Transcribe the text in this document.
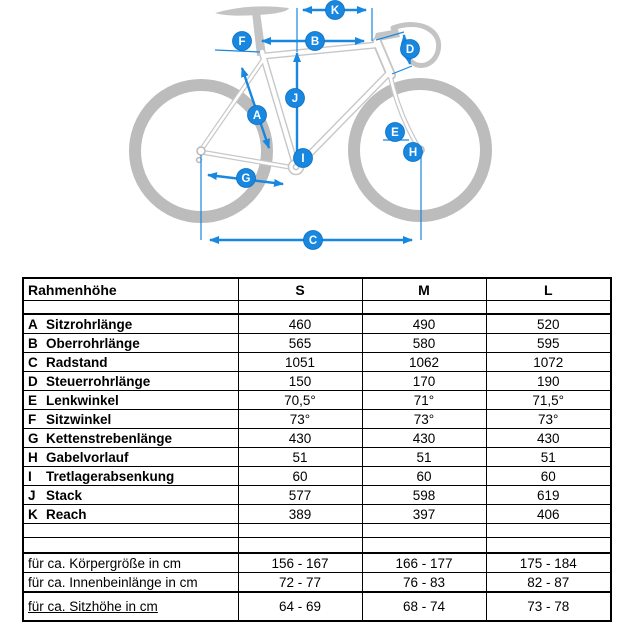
A
B
C
D
E
F
G
H
I
J
K
Rahmenhöhe	S	M	L

A Sitzrohrlänge	460	490	520
B Oberrohrlänge	565	580	595
C Radstand	1051	1062	1072
D Steuerrohrlänge	150	170	190
E Lenkwinkel	70,5°	71°	71,5°
F Sitzwinkel	73°	73°	73°
G Kettenstrebenlänge	430	430	430
H Gabelvorlauf	51	51	51
I Tretlagerabsenkung	60	60	60
J Stack	577	598	619
K Reach	389	397	406

für ca. Körpergröße in cm	156 - 167	166 - 177	175 - 184
für ca. Innenbeinlänge in cm	72 - 77	76 - 83	82 - 87
für ca. Sitzhöhe in cm	64 - 69	68 - 74	73 - 78
